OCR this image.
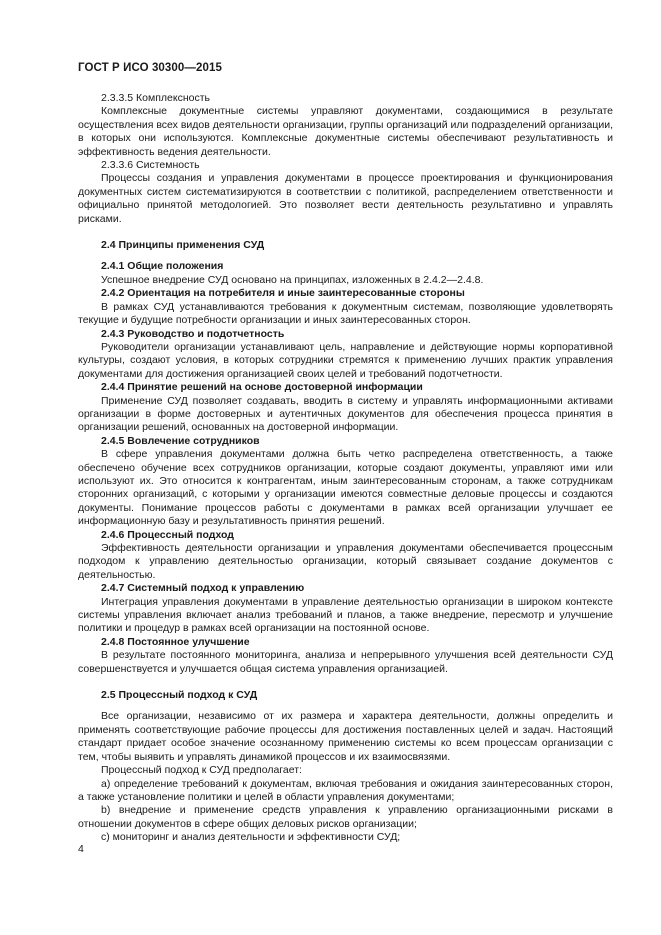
ГОСТ Р ИСО 30300—2015
2.3.3.5 Комплексность
Комплексные документные системы управляют документами, создающимися в результате осуществления всех видов деятельности организации, группы организаций или подразделений организации, в которых они используются. Комплексные документные системы обеспечивают результативность и эффективность ведения деятельности.
2.3.3.6 Системность
Процессы создания и управления документами в процессе проектирования и функционирования документных систем систематизируются в соответствии с политикой, распределением ответственности и официально принятой методологией. Это позволяет вести деятельность результативно и управлять рисками.
2.4 Принципы применения СУД
2.4.1 Общие положения
Успешное внедрение СУД основано на принципах, изложенных в 2.4.2—2.4.8.
2.4.2 Ориентация на потребителя и иные заинтересованные стороны
В рамках СУД устанавливаются требования к документным системам, позволяющие удовлетворять текущие и будущие потребности организации и иных заинтересованных сторон.
2.4.3 Руководство и подотчетность
Руководители организации устанавливают цель, направление и действующие нормы корпоративной культуры, создают условия, в которых сотрудники стремятся к применению лучших практик управления документами для достижения организацией своих целей и требований подотчетности.
2.4.4 Принятие решений на основе достоверной информации
Применение СУД позволяет создавать, вводить в систему и управлять информационными активами организации в форме достоверных и аутентичных документов для обеспечения процесса принятия в организации решений, основанных на достоверной информации.
2.4.5 Вовлечение сотрудников
В сфере управления документами должна быть четко распределена ответственность, а также обеспечено обучение всех сотрудников организации, которые создают документы, управляют ими или используют их. Это относится к контрагентам, иным заинтересованным сторонам, а также сотрудникам сторонних организаций, с которыми у организации имеются совместные деловые процессы и создаются документы. Понимание процессов работы с документами в рамках всей организации улучшает ее информационную базу и результативность принятия решений.
2.4.6 Процессный подход
Эффективность деятельности организации и управления документами обеспечивается процессным подходом к управлению деятельностью организации, который связывает создание документов с деятельностью.
2.4.7 Системный подход к управлению
Интеграция управления документами в управление деятельностью организации в широком контексте системы управления включает анализ требований и планов, а также внедрение, пересмотр и улучшение политики и процедур в рамках всей организации на постоянной основе.
2.4.8 Постоянное улучшение
В результате постоянного мониторинга, анализа и непрерывного улучшения всей деятельности СУД совершенствуется и улучшается общая система управления организацией.
2.5 Процессный подход к СУД
Все организации, независимо от их размера и характера деятельности, должны определить и применять соответствующие рабочие процессы для достижения поставленных целей и задач. Настоящий стандарт придает особое значение осознанному применению системы ко всем процессам организации с тем, чтобы выявить и управлять динамикой процессов и их взаимосвязями.
Процессный подход к СУД предполагает:
a) определение требований к документам, включая требования и ожидания заинтересованных сторон, а также установление политики и целей в области управления документами;
b) внедрение и применение средств управления к управлению организационными рисками в отношении документов в сфере общих деловых рисков организации;
c) мониторинг и анализ деятельности и эффективности СУД;
4
